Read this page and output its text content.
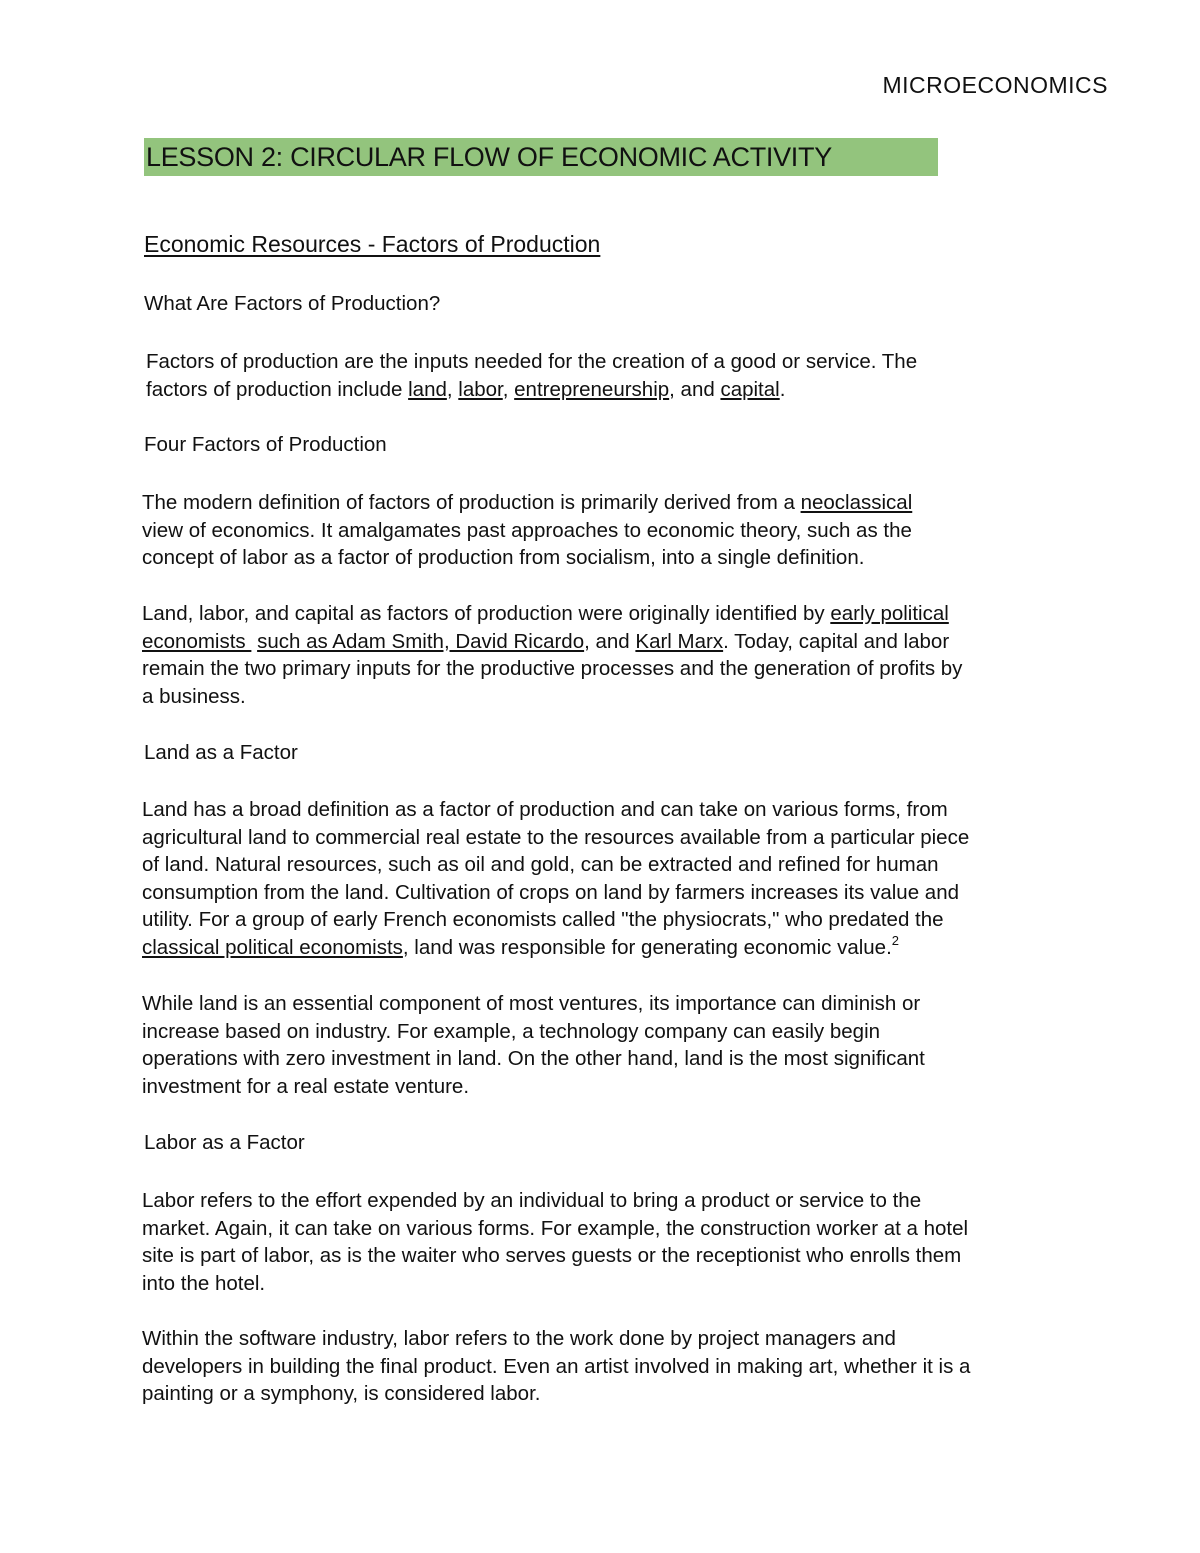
MICROECONOMICS
LESSON 2: CIRCULAR FLOW OF ECONOMIC ACTIVITY
Economic Resources - Factors of Production
What Are Factors of Production?
Factors of production are the inputs needed for the creation of a good or service. The
factors of production include land, labor, entrepreneurship, and capital.
Four Factors of Production
The modern definition of factors of production is primarily derived from a neoclassical
view of economics. It amalgamates past approaches to economic theory, such as the
concept of labor as a factor of production from socialism, into a single definition.
Land, labor, and capital as factors of production were originally identified by early political
economists  such as Adam Smith, David Ricardo, and Karl Marx. Today, capital and labor
remain the two primary inputs for the productive processes and the generation of profits by
a business.
Land as a Factor
Land has a broad definition as a factor of production and can take on various forms, from
agricultural land to commercial real estate to the resources available from a particular piece
of land. Natural resources, such as oil and gold, can be extracted and refined for human
consumption from the land. Cultivation of crops on land by farmers increases its value and
utility. For a group of early French economists called "the physiocrats," who predated the
classical political economists, land was responsible for generating economic value.$^2$
While land is an essential component of most ventures, its importance can diminish or
increase based on industry. For example, a technology company can easily begin
operations with zero investment in land. On the other hand, land is the most significant
investment for a real estate venture.
Labor as a Factor
Labor refers to the effort expended by an individual to bring a product or service to the
market. Again, it can take on various forms. For example, the construction worker at a hotel
site is part of labor, as is the waiter who serves guests or the receptionist who enrolls them
into the hotel.
Within the software industry, labor refers to the work done by project managers and
developers in building the final product. Even an artist involved in making art, whether it is a
painting or a symphony, is considered labor.
